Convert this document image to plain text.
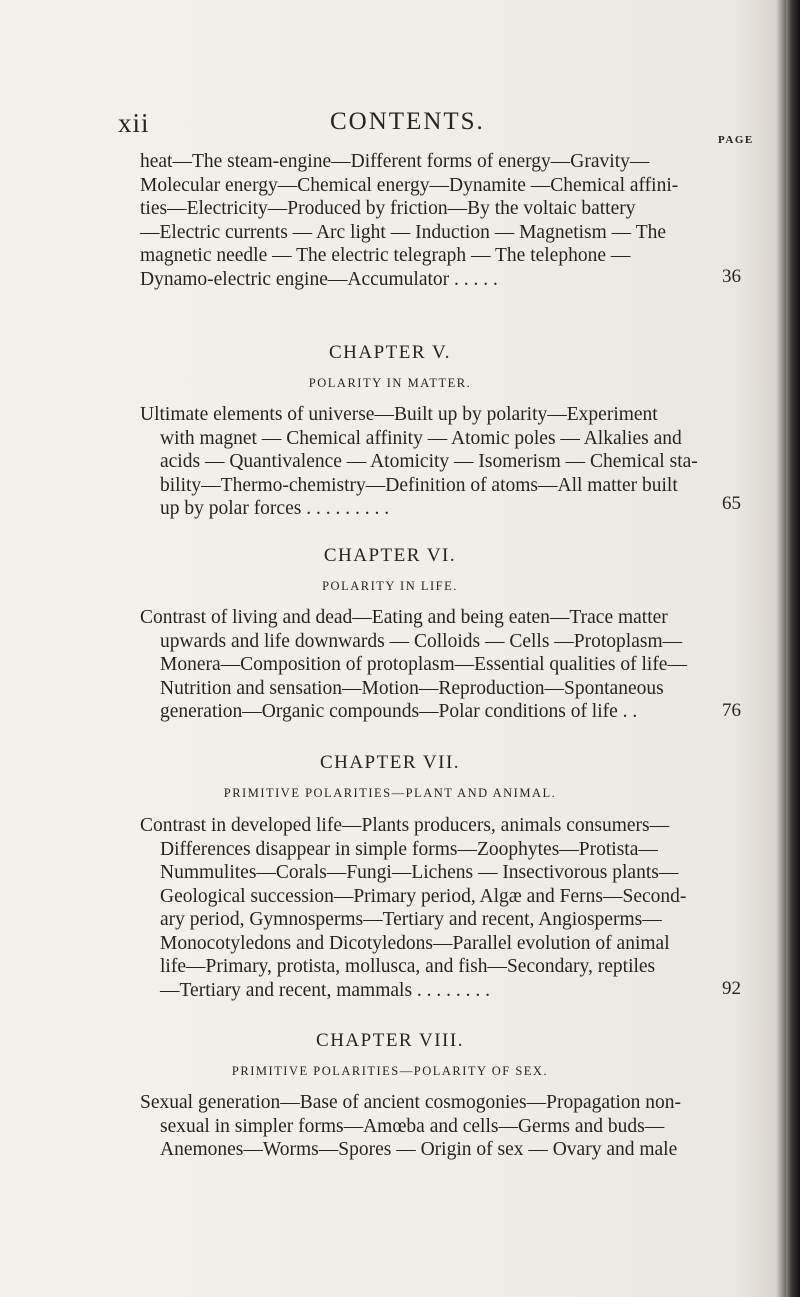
xii	CONTENTS.
PAGE
heat—The steam-engine—Different forms of energy—Gravity—
Molecular energy—Chemical energy—Dynamite —Chemical affini-
ties—Electricity—Produced by friction—By the voltaic battery
—Electric currents — Arc light — Induction — Magnetism — The
magnetic needle — The electric telegraph — The telephone —
Dynamo-electric engine—Accumulator . . . . .	36
CHAPTER V.
POLARITY IN MATTER.
Ultimate elements of universe—Built up by polarity—Experiment
with magnet — Chemical affinity — Atomic poles — Alkalies and
acids — Quantivalence — Atomicity — Isomerism — Chemical sta-
bility—Thermo-chemistry—Definition of atoms—All matter built
up by polar forces . . . . . . . . .	65
CHAPTER VI.
POLARITY IN LIFE.
Contrast of living and dead—Eating and being eaten—Trace matter
upwards and life downwards — Colloids — Cells —Protoplasm—
Monera—Composition of protoplasm—Essential qualities of life—
Nutrition and sensation—Motion—Reproduction—Spontaneous
generation—Organic compounds—Polar conditions of life . .	76
CHAPTER VII.
PRIMITIVE POLARITIES—PLANT AND ANIMAL.
Contrast in developed life—Plants producers, animals consumers—
Differences disappear in simple forms—Zoophytes—Protista—
Nummulites—Corals—Fungi—Lichens — Insectivorous plants—
Geological succession—Primary period, Algæ and Ferns—Second-
ary period, Gymnosperms—Tertiary and recent, Angiosperms—
Monocotyledons and Dicotyledons—Parallel evolution of animal
life—Primary, protista, mollusca, and fish—Secondary, reptiles
—Tertiary and recent, mammals . . . . . . . .	92
CHAPTER VIII.
PRIMITIVE POLARITIES—POLARITY OF SEX.
Sexual generation—Base of ancient cosmogonies—Propagation non-
sexual in simpler forms—Amœba and cells—Germs and buds—
Anemones—Worms—Spores — Origin of sex — Ovary and male
